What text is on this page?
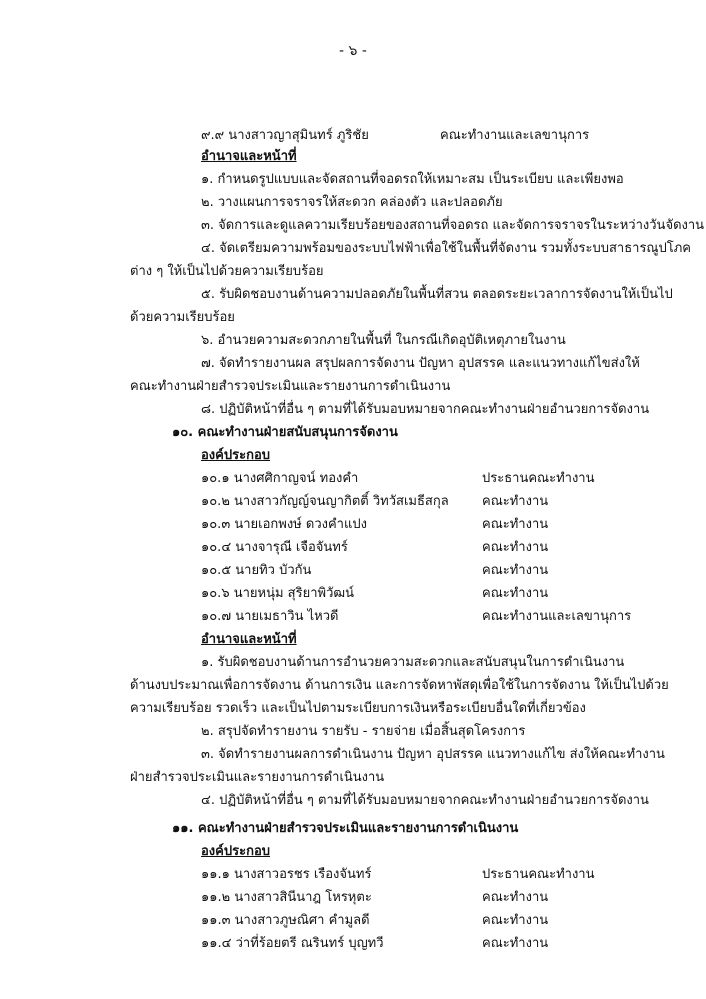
- ๖ -
๙.๙ นางสาวญาสุมินทร์ ภูริชัย	คณะทำงานและเลขานุการ
อำนาจและหน้าที่
๑. กำหนดรูปแบบและจัดสถานที่จอดรถให้เหมาะสม เป็นระเบียบ และเพียงพอ
๒. วางแผนการจราจรให้สะดวก คล่องตัว และปลอดภัย
๓. จัดการและดูแลความเรียบร้อยของสถานที่จอดรถ และจัดการจราจรในระหว่างวันจัดงาน
๔. จัดเตรียมความพร้อมของระบบไฟฟ้าเพื่อใช้ในพื้นที่จัดงาน รวมทั้งระบบสาธารณูปโภค
ต่าง ๆ ให้เป็นไปด้วยความเรียบร้อย
๕. รับผิดชอบงานด้านความปลอดภัยในพื้นที่สวน ตลอดระยะเวลาการจัดงานให้เป็นไป
ด้วยความเรียบร้อย
๖. อำนวยความสะดวกภายในพื้นที่ ในกรณีเกิดอุบัติเหตุภายในงาน
๗. จัดทำรายงานผล สรุปผลการจัดงาน ปัญหา อุปสรรค และแนวทางแก้ไขส่งให้
คณะทำงานฝ่ายสำรวจประเมินและรายงานการดำเนินงาน
๘. ปฏิบัติหน้าที่อื่น ๆ ตามที่ได้รับมอบหมายจากคณะทำงานฝ่ายอำนวยการจัดงาน
๑๐. คณะทำงานฝ่ายสนับสนุนการจัดงาน
องค์ประกอบ
๑๐.๑ นางศศิกาญจน์ ทองคำ	ประธานคณะทำงาน
๑๐.๒ นางสาวกัญญ์จนญากิตติ์ วิทวัสเมธีสกุล	คณะทำงาน
๑๐.๓ นายเอกพงษ์ ดวงคำแปง	คณะทำงาน
๑๐.๔ นางจารุณี เจือจันทร์	คณะทำงาน
๑๐.๕ นายทิว บัวกัน	คณะทำงาน
๑๐.๖ นายหนุ่ม สุริยาพิวัฒน์	คณะทำงาน
๑๐.๗ นายเมธาวิน ไหวดี	คณะทำงานและเลขานุการ
อำนาจและหน้าที่
๑. รับผิดชอบงานด้านการอำนวยความสะดวกและสนับสนุนในการดำเนินงาน
ด้านงบประมาณเพื่อการจัดงาน ด้านการเงิน และการจัดหาพัสดุเพื่อใช้ในการจัดงาน ให้เป็นไปด้วย
ความเรียบร้อย รวดเร็ว และเป็นไปตามระเบียบการเงินหรือระเบียบอื่นใดที่เกี่ยวข้อง
๒. สรุปจัดทำรายงาน รายรับ - รายจ่าย เมื่อสิ้นสุดโครงการ
๓. จัดทำรายงานผลการดำเนินงาน ปัญหา อุปสรรค แนวทางแก้ไข ส่งให้คณะทำงาน
ฝ่ายสำรวจประเมินและรายงานการดำเนินงาน
๔. ปฏิบัติหน้าที่อื่น ๆ ตามที่ได้รับมอบหมายจากคณะทำงานฝ่ายอำนวยการจัดงาน
๑๑. คณะทำงานฝ่ายสำรวจประเมินและรายงานการดำเนินงาน
องค์ประกอบ
๑๑.๑ นางสาวอรชร เรืองจันทร์	ประธานคณะทำงาน
๑๑.๒ นางสาวสินีนาฎ โหรหุตะ	คณะทำงาน
๑๑.๓ นางสาวภูษณิศา คำมูลดี	คณะทำงาน
๑๑.๔ ว่าที่ร้อยตรี ณรินทร์ บุญทวี	คณะทำงาน
